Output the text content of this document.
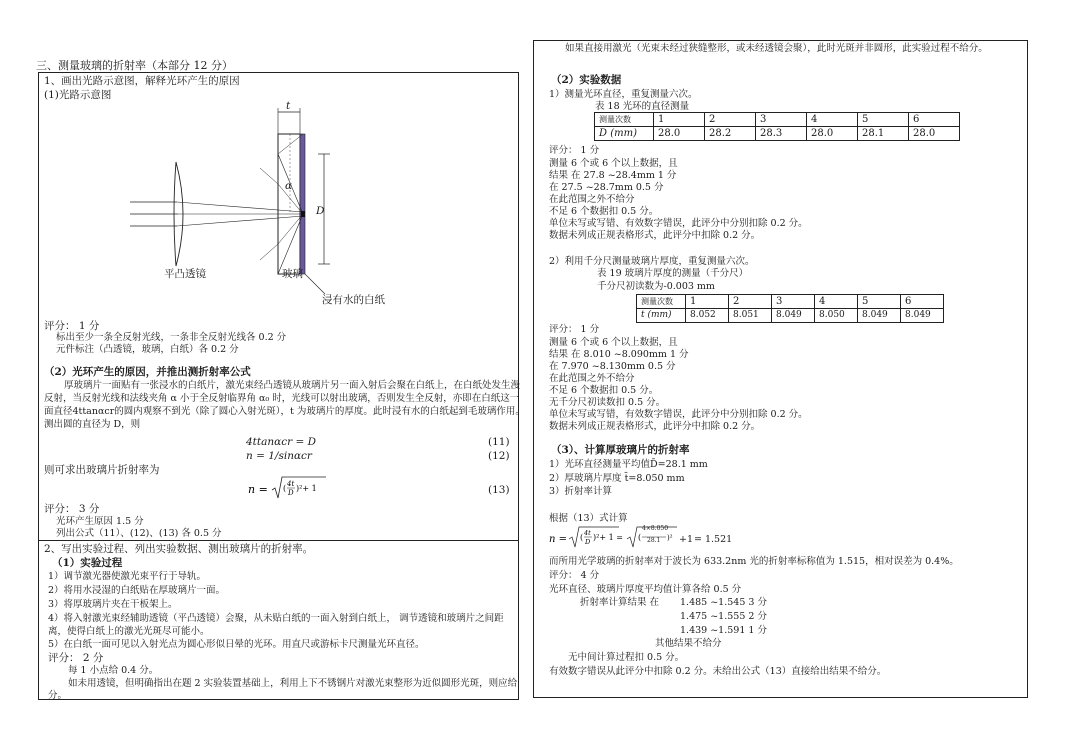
三、测量玻璃的折射率（本部分 12 分）
1、画出光路示意图，解释光环产生的原因
(1)光路示意图
t
α
D
平凸透镜	玻璃
浸有水的白纸
评分： 1 分
标出至少一条全反射光线，一条非全反射光线各 0.2 分
元件标注（凸透镜，玻璃，白纸）各 0.2 分
（2）光环产生的原因，并推出测折射率公式
厚玻璃片一面贴有一张浸水的白纸片，激光束经凸透镜从玻璃片另一面入射后会聚在白纸上，在白纸处发生漫
反射，当反射光线和法线夹角 α 小于全反射临界角 α₀ 时，光线可以射出玻璃，否则发生全反射，亦即在白纸这一
面直径4ttanαcr的圆内观察不到光（除了圆心入射光斑），t 为玻璃片的厚度。此时浸有水的白纸起到毛玻璃作用。
测出圆的直径为 D，则
4ttanαcr = D	(11)
n = 1/sinαcr	(12)
则可求出玻璃片折射率为
n = ( 4t
D )²+ 1	(13)
评分： 3 分
光环产生原因 1.5 分
列出公式（11）、(12)、(13) 各 0.5 分
2、写出实验过程、列出实验数据、测出玻璃片的折射率。
（1）实验过程
1）调节激光器使激光束平行于导轨。
2）将用水浸湿的白纸贴在厚玻璃片一面。
3）将厚玻璃片夹在干板架上。
4）将入射激光束经辅助透镜（平凸透镜）会聚，从未贴白纸的一面入射到白纸上， 调节透镜和玻璃片之间距
离，使得白纸上的激光光斑尽可能小。
5）在白纸一面可见以入射光点为圆心形似日晕的光环。用直尺或游标卡尺测量光环直径。
评分： 2 分
每 1 小点给 0.4 分。
如未用透镜，但明确指出在题 2 实验装置基础上，利用上下不锈钢片对激光束整形为近似圆形光斑，则应给
分。
如果直接用激光（光束未经过狭缝整形，或未经透镜会聚），此时光斑并非圆形，此实验过程不给分。
（2）实验数据
1）测量光环直径，重复测量六次。
表 18 光环的直径测量
测量次数	1	2	3	4	5	6
D (mm)	28.0	28.2	28.3	28.0	28.1	28.0
评分： 1 分
测量 6 个或 6 个以上数据，且
结果 在 27.8 ~28.4mm 1 分
在 27.5 ~28.7mm 0.5 分
在此范围之外不给分
不足 6 个数据扣 0.5 分。
单位未写或写错、有效数字错误，此评分中分别扣除 0.2 分。
数据未列成正规表格形式，此评分中扣除 0.2 分。
2）利用千分尺测量玻璃片厚度，重复测量六次。
表 19 玻璃片厚度的测量（千分尺）
千分尺初读数为-0.003 mm
测量次数	1	2	3	4	5	6
t (mm)	8.052	8.051	8.049	8.050	8.049	8.049
评分： 1 分
测量 6 个或 6 个以上数据，且
结果 在 8.010 ~8.090mm 1 分
在 7.970 ~8.130mm 0.5 分
在此范围之外不给分
不足 6 个数据扣 0.5 分。
无千分尺初读数扣 0.5 分。
单位未写或写错，有效数字错误，此评分中分别扣除 0.2 分。
数据未列成正规表格形式，此评分中扣除 0.2 分。
（3）、计算厚玻璃片的折射率
1）光环直径测量平均值D̄=28.1 mm
2）厚玻璃片厚度 t̄=8.050 mm
3）折射率计算
根据（13）式计算
n = ( 4t
D )²+ 1 = (	)²
4×8.050
28.1 +1 = 1.521
而所用光学玻璃的折射率对于波长为 633.2nm 光的折射率标称值为 1.515，相对误差为 0.4%。
评分： 4 分
光环直径、玻璃片厚度平均值计算各给 0.5 分
折射率计算结果 在 1.485 ~1.545 3 分
1.475 ~1.555 2 分
1.439 ~1.591 1 分
其他结果不给分
无中间计算过程扣 0.5 分。
有效数字错误从此评分中扣除 0.2 分。未给出公式（13）直接给出结果不给分。
